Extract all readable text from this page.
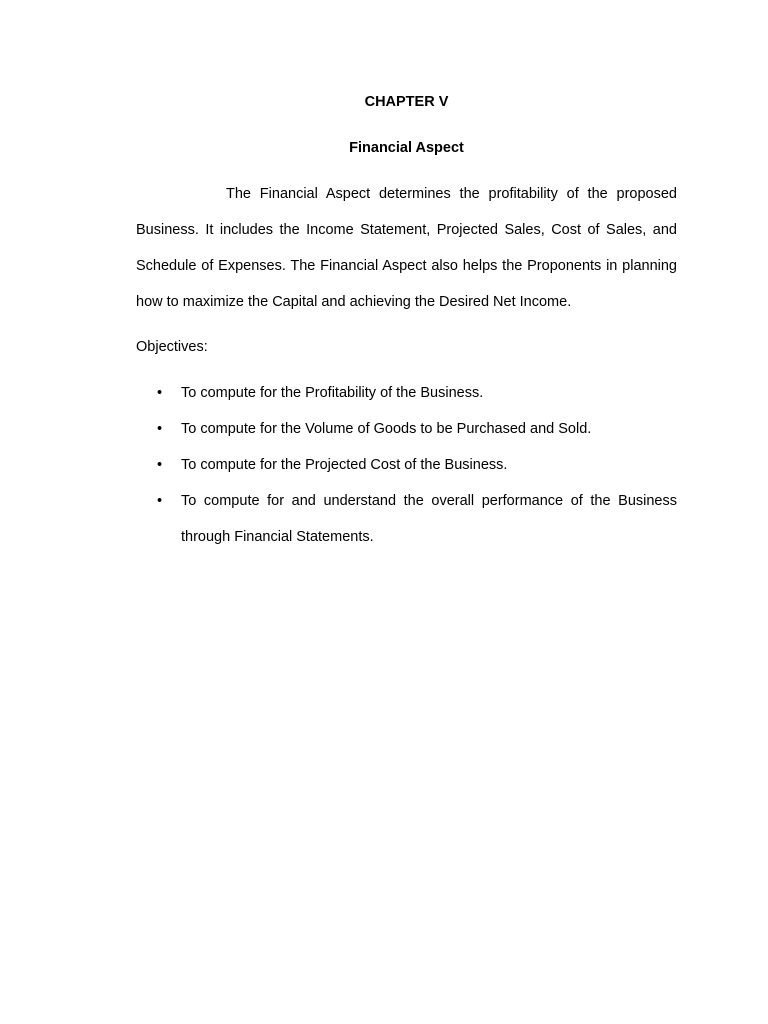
CHAPTER V
Financial Aspect

The Financial Aspect determines the profitability of the proposed Business. It includes the Income Statement, Projected Sales, Cost of Sales, and Schedule of Expenses. The Financial Aspect also helps the Proponents in planning how to maximize the Capital and achieving the Desired Net Income.

Objectives:
• To compute for the Profitability of the Business.
• To compute for the Volume of Goods to be Purchased and Sold.
• To compute for the Projected Cost of the Business.
• To compute for and understand the overall performance of the Business through Financial Statements.
